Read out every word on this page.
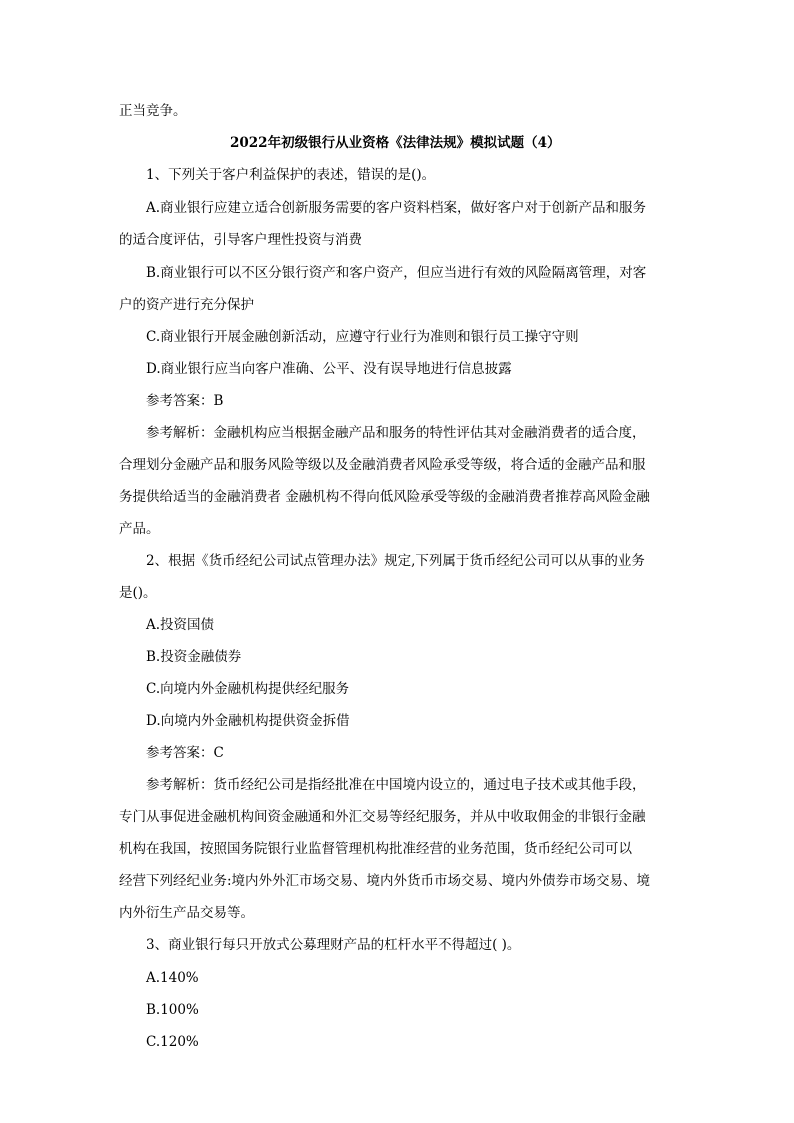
正当竞争。
2022年初级银行从业资格《法律法规》模拟试题（4）
1、下列关于客户利益保护的表述，错误的是()。
A.商业银行应建立适合创新服务需要的客户资料档案，做好客户对于创新产品和服务
的适合度评估，引导客户理性投资与消费
B.商业银行可以不区分银行资产和客户资产，但应当进行有效的风险隔离管理，对客
户的资产进行充分保护
C.商业银行开展金融创新活动，应遵守行业行为准则和银行员工操守守则
D.商业银行应当向客户准确、公平、没有误导地进行信息披露
参考答案：B
参考解析：金融机构应当根据金融产品和服务的特性评估其对金融消费者的适合度，
合理划分金融产品和服务风险等级以及金融消费者风险承受等级，将合适的金融产品和服
务提供给适当的金融消费者 金融机构不得向低风险承受等级的金融消费者推荐高风险金融
产品。
2、根据《货币经纪公司试点管理办法》规定,下列属于货币经纪公司可以从事的业务
是()。
A.投资国债
B.投资金融债券
C.向境内外金融机构提供经纪服务
D.向境内外金融机构提供资金拆借
参考答案：C
参考解析：货币经纪公司是指经批准在中国境内设立的，通过电子技术或其他手段，
专门从事促进金融机构间资金融通和外汇交易等经纪服务，并从中收取佣金的非银行金融
机构在我国，按照国务院银行业监督管理机构批准经营的业务范围，货币经纪公司可以
经营下列经纪业务:境内外外汇市场交易、境内外货币市场交易、境内外债券市场交易、境
内外衍生产品交易等。
3、商业银行每只开放式公募理财产品的杠杆水平不得超过( )。
A.140%
B.100%
C.120%
